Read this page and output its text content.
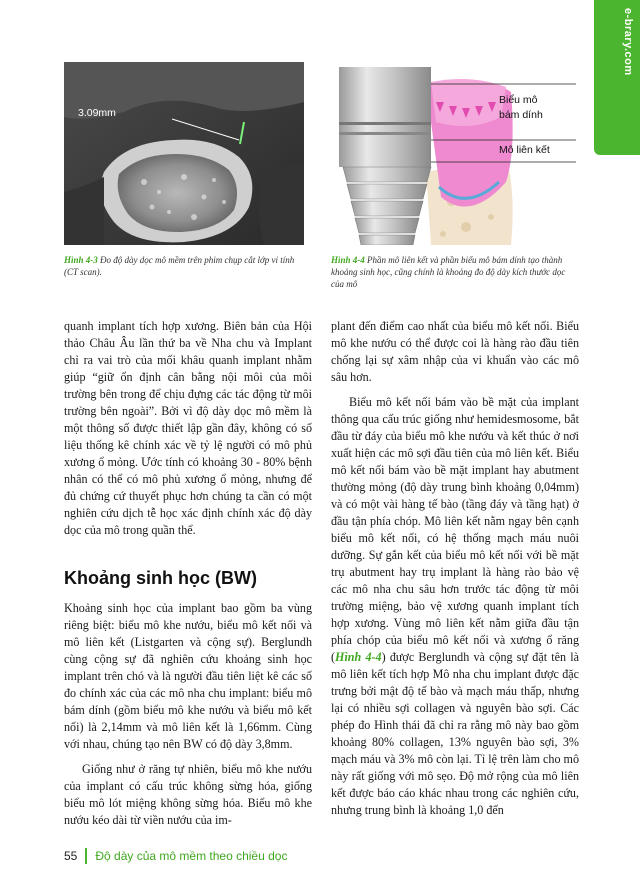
e-brary.com
3.09mm
Biểu mô
bám dính
Mô liên kết
Hình 4-3 Đo độ dày dọc mô mềm trên phim chụp cắt lớp vi tính (CT scan).
Hình 4-4 Phần mô liên kết và phần biểu mô bám dính tạo thành khoảng sinh học, cũng chính là khoảng đo độ dày kích thước dọc của mô

quanh implant tích hợp xương. Biên bản của Hội thảo Châu Âu lần thứ ba về Nha chu và Implant chỉ ra vai trò của mối khâu quanh implant nhằm giúp “giữ ổn định cân bằng nội môi của môi trường bên trong để chịu đựng các tác động từ môi trường bên ngoài”. Bởi vì độ dày dọc mô mềm là một thông số được thiết lập gần đây, không có số liệu thống kê chính xác về tỷ lệ người có mô phủ xương ổ mỏng. Ước tính có khoảng 30 - 80% bệnh nhân có thể có mô phủ xương ổ mỏng, nhưng để đủ chứng cứ thuyết phục hơn chúng ta cần có một nghiên cứu dịch tễ học xác định chính xác độ dày dọc của mô trong quần thể.

Khoảng sinh học (BW)

Khoảng sinh học của implant bao gồm ba vùng riêng biệt: biểu mô khe nướu, biểu mô kết nối và mô liên kết (Listgarten và cộng sự). Berglundh cùng cộng sự đã nghiên cứu khoảng sinh học implant trên chó và là người đầu tiên liệt kê các số đo chính xác của các mô nha chu implant: biểu mô bám dính (gồm biểu mô khe nướu và biểu mô kết nối) là 2,14mm và mô liên kết là 1,66mm. Cùng với nhau, chúng tạo nên BW có độ dày 3,8mm.

Giống như ở răng tự nhiên, biểu mô khe nướu của implant có cấu trúc không sừng hóa, giống biểu mô lót miệng không sừng hóa. Biểu mô khe nướu kéo dài từ viền nướu của im-

plant đến điểm cao nhất của biểu mô kết nối. Biểu mô khe nướu có thể được coi là hàng rào đầu tiên chống lại sự xâm nhập của vi khuẩn vào các mô sâu hơn.

Biểu mô kết nối bám vào bề mặt của implant thông qua cấu trúc giống như hemidesmosome, bắt đầu từ đáy của biểu mô khe nướu và kết thúc ở nơi xuất hiện các mô sợi đầu tiên của mô liên kết. Biểu mô kết nối bám vào bề mặt implant hay abutment thường mỏng (độ dày trung bình khoảng 0,04mm) và có một vài hàng tế bào (tầng đáy và tầng hạt) ở đầu tận phía chóp. Mô liên kết nằm ngay bên cạnh biểu mô kết nối, có hệ thống mạch máu nuôi dưỡng. Sự gắn kết của biểu mô kết nối với bề mặt trụ abutment hay trụ implant là hàng rào bảo vệ các mô nha chu sâu hơn trước tác động từ môi trường miệng, bảo vệ xương quanh implant tích hợp xương. Vùng mô liên kết nằm giữa đầu tận phía chóp của biểu mô kết nối và xương ổ răng (Hình 4-4) được Berglundh và cộng sự đặt tên là mô liên kết tích hợp Mô nha chu implant được đặc trưng bởi mật độ tế bào và mạch máu thấp, nhưng lại có nhiều sợi collagen và nguyên bào sợi. Các phép đo Hình thái đã chỉ ra rằng mô này bao gồm khoảng 80% collagen, 13% nguyên bào sợi, 3% mạch máu và 3% mô còn lại. Tỉ lệ trên làm cho mô này rất giống với mô sẹo. Độ mở rộng của mô liên kết được báo cáo khác nhau trong các nghiên cứu, nhưng trung bình là khoảng 1,0 đến

55 Độ dày của mô mềm theo chiều dọc
